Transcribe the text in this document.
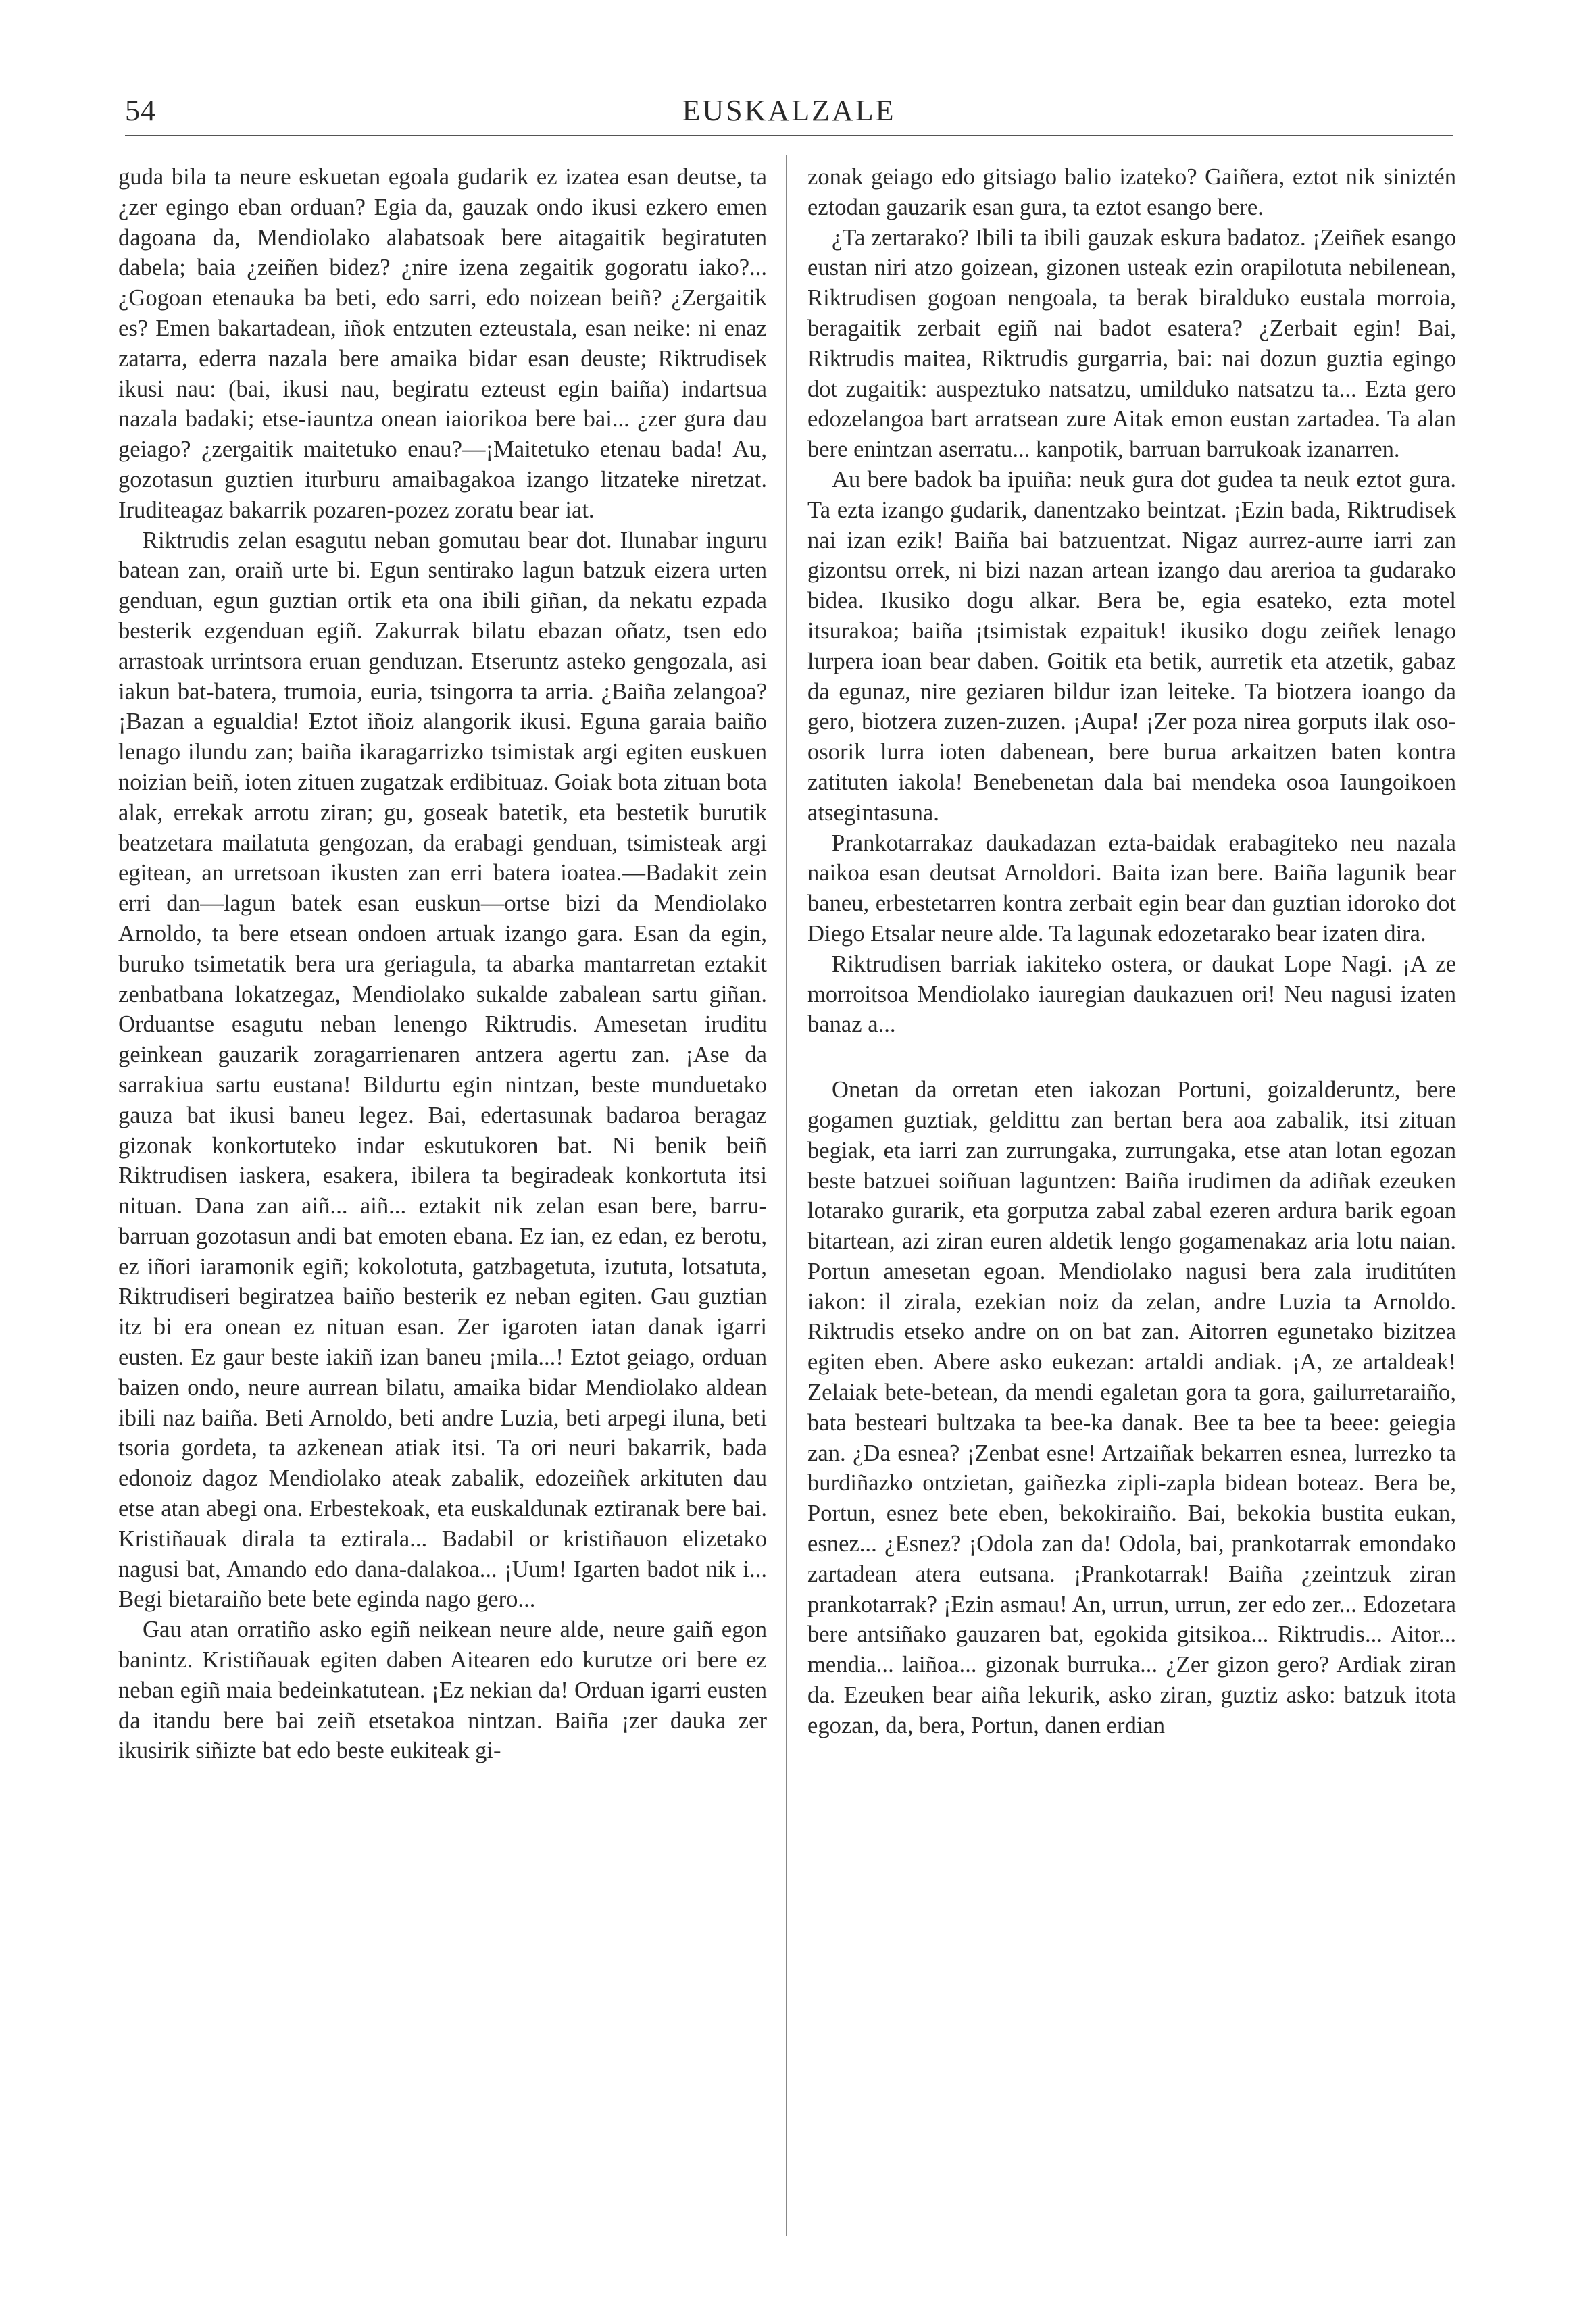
54	EUSKALZALE

guda bila ta neure eskuetan egoala gudarik ez izatea esan deutse, ta ¿zer egingo eban orduan? Egia da, gauzak ondo ikusi ezkero emen dagoana da, Mendiolako alabatsoak bere aitagaitik begiratuten dabela; baia ¿zeiñen bidez? ¿nire izena zegaitik gogoratu iako?... ¿Gogoan etenauka ba beti, edo sarri, edo noizean beiñ? ¿Zergaitik es? Emen bakartadean, iñok entzuten ezteustala, esan neike: ni enaz zatarra, ederra nazala bere amaika bidar esan deuste; Riktrudisek ikusi nau: (bai, ikusi nau, begiratu ezteust egin baiña) indartsua nazala badaki; etse-iauntza onean iaiorikoa bere bai... ¿zer gura dau geiago? ¿zergaitik maitetuko enau?—¡Maitetuko etenau bada! Au, gozotasun guztien iturburu amaibagakoa izango litzateke niretzat. Iruditeagaz bakarrik pozaren-pozez zoratu bear iat.

Riktrudis zelan esagutu neban gomutau bear dot. Ilunabar inguru batean zan, oraiñ urte bi. Egun sentirako lagun batzuk eizera urten genduan, egun guztian ortik eta ona ibili giñan, da nekatu ezpada besterik ezgenduan egiñ. Zakurrak bilatu ebazan oñatz, tsen edo arrastoak urrintsora eruan genduzan. Etseruntz asteko gengozala, asi iakun bat-batera, trumoia, euria, tsingorra ta arria. ¿Baiña zelangoa? ¡Bazan a egualdia! Eztot iñoiz alangorik ikusi. Eguna garaia baiño lenago ilundu zan; baiña ikaragarrizko tsimistak argi egiten euskuen noizian beiñ, ioten zituen zugatzak erdibituaz. Goiak bota zituan bota alak, errekak arrotu ziran; gu, goseak batetik, eta bestetik burutik beatzetara mailatuta gengozan, da erabagi genduan, tsimisteak argi egitean, an urretsoan ikusten zan erri batera ioatea.—Badakit zein erri dan—lagun batek esan euskun—ortse bizi da Mendiolako Arnoldo, ta bere etsean ondoen artuak izango gara. Esan da egin, buruko tsimetatik bera ura geriagula, ta abarka mantarretan eztakit zenbatbana lokatzegaz, Mendiolako sukalde zabalean sartu giñan. Orduantse esagutu neban lenengo Riktrudis. Amesetan iruditu geinkean gauzarik zoragarrienaren antzera agertu zan. ¡Ase da sarrakiua sartu eustana! Bildurtu egin nintzan, beste munduetako gauza bat ikusi baneu legez. Bai, edertasunak badaroa beragaz gizonak konkortuteko indar eskutukoren bat. Ni benik beiñ Riktrudisen iaskera, esakera, ibilera ta begiradeak konkortuta itsi nituan. Dana zan aiñ... aiñ... eztakit nik zelan esan bere, barru-barruan gozotasun andi bat emoten ebana. Ez ian, ez edan, ez berotu, ez iñori iaramonik egiñ; kokolotuta, gatzbagetuta, izututa, lotsatuta, Riktrudiseri begiratzea baiño besterik ez neban egiten. Gau guztian itz bi era onean ez nituan esan. Zer igaroten iatan danak igarri eusten. Ez gaur beste iakiñ izan baneu ¡mila...! Eztot geiago, orduan baizen ondo, neure aurrean bilatu, amaika bidar Mendiolako aldean ibili naz baiña. Beti Arnoldo, beti andre Luzia, beti arpegi iluna, beti tsoria gordeta, ta azkenean atiak itsi. Ta ori neuri bakarrik, bada edonoiz dagoz Mendiolako ateak zabalik, edozeiñek arkituten dau etse atan abegi ona. Erbestekoak, eta euskaldunak eztiranak bere bai. Kristiñauak dirala ta eztirala... Badabil or kristiñauon elizetako nagusi bat, Amando edo dana-dalakoa... ¡Uum! Igarten badot nik i... Begi bietaraiño bete bete egindа nago gero...

Gau atan orratiño asko egiñ neikean neure alde, neure gaiñ egon banintz. Kristiñauak egiten daben Aiteare⁠n edo kurutze ori bere ez neban egiñ maia bedeinkatutean. ¡Ez nekian da! Orduan igarri eusten da itandu bere bai zeiñ etsetakoa nintzan. Baiña ¡zer dauka zer ikusirik siñizte bat edo beste eukiteak gi-

zonak geiago edo gitsiago balio izateko? Gaiñera, eztot nik siniztén eztodan gauzarik esan gura, ta eztot esango bere.

¿Ta zertarako? Ibili ta ibili gauzak eskura badatoz. ¡Zeiñek esango eustan niri atzo goizean, gizonen usteak ezin orapilotuta nebilenean, Riktrudisen gogoan nengoala, ta berak biralduko eustala morroia, beragaitik zerbait egiñ nai badot esatera? ¿Zerbait egin! Bai, Riktrudis maitea, Riktrudis gurgarria, bai: nai dozun guztia egingo dot zugaitik: auspeztuko natsatzu, umilduko natsatzu ta... Ezta gero edozelangoa bart arratsean zure Aitak emon eustan zartadea. Ta alan bere enintzan aserratu... kanpotik, barruan barrukoak izanarren.

Au bere badok ba ipuiña: neuk gura dot gudea ta neuk eztot gura. Ta ezta izango gudarik, danentzako beintzat. ¡Ezin bada, Riktrudisek nai izan ezik! Baiña bai batzuentzat. Nigaz aurrez-aurre iarri zan gizontsu orrek, ni bizi nazan artean izango dau arerioa ta gudarako bidea. Ikusiko dogu alkar. Bera be, egia esateko, ezta motel itsurakoa; baiña ¡tsimistak ezpaituk! ikusiko dogu zeiñek lenago lurpera ioan bear daben. Goitik eta betik, aurretik eta atzetik, gabaz da egunaz, nire geziaren bildur izan leiteke. Ta biotzera ioango da gero, biotzera zuzen-zuzen. ¡Aupa! ¡Zer poza nirea gorputs ilak oso-osorik lurra ioten dabenean, bere burua arkaitzen baten kontra zatituten iakola! Benebenetan dala bai mendeka osoa Iaungoikoen atsegintasuna.

Prankotarrakaz daukadazan ezta-baidak erabagiteko neu nazala naikoa esan deutsat Arnoldori. Baita izan bere. Baiña lagunik bear baneu, erbestetarren kontra zerbait egin bear dan guztian idoroko dot Diego Etsalar neure alde. Ta lagunak edozetarako bear izaten dira.

Riktrudisen barriak iakiteko ostera, or daukat Lope Nagi. ¡A ze morroitsoa Mendiolako iauregian daukazuen ori! Neu nagusi izaten banaz a...

Onetan da orretan eten iakozan Portuni, goizalderuntz, bere gogamen guztiak, geldittu zan bertan bera aoa zabalik, itsi zituan begiak, eta iarri zan zurrungaka, zurrungaka, etse atan lotan egozan beste batzuei soiñuan laguntzen: Baiña irudimen da adiñak ezeuken lotarako gurarik, eta gorputza zabal zabal ezeren ardura barik egoan bitartean, azi ziran euren aldetik lengo gogamenakaz aria lotu naian. Portun amesetan egoan. Mendiolako nagusi bera zala iruditúten iakon: il zirala, ezekian noiz da zelan, andre Luzia ta Arnoldo. Riktrudis etseko andre on on bat zan. Aitorren egunetako bizitzea egiten eben. Abere asko eukezan: artaldi andiak. ¡A, ze artaldeak! Zelaiak bete-betean, da mendi egaletan gora ta gora, gailurretaraiño, bata besteari bultzaka ta bee-ka danak. Bee ta bee ta beee: geiegia zan. ¿Da esnea? ¡Zenbat esne! Artzaiñak bekarren esnea, lurrezko ta burdiñazko ontzietan, gaiñezka zipli-zapla bidean boteaz. Bera be, Portun, esnez bete eben, bekokiraiño. Bai, bekokia bustita eukan, esnez... ¿Esnez? ¡Odola zan da! Odola, bai, prankotarrak emondako zartadean atera eutsana. ¡Prankotarrak! Baiña ¿zeintzuk ziran prankotarrak? ¡Ezin asmau! An, urrun, urrun, zer edo zer... Edozetara bere antsiñako gauzaren bat, egokida gitsikoa... Riktrudis... Aitor... mendia... laiñoa... gizonak burruka... ¿Zer gizon gero? Ardiak ziran da. Ezeuken bear aiña lekurik, asko ziran, guztiz asko: batzuk itota egozan, da, bera, Portun, danen erdian
